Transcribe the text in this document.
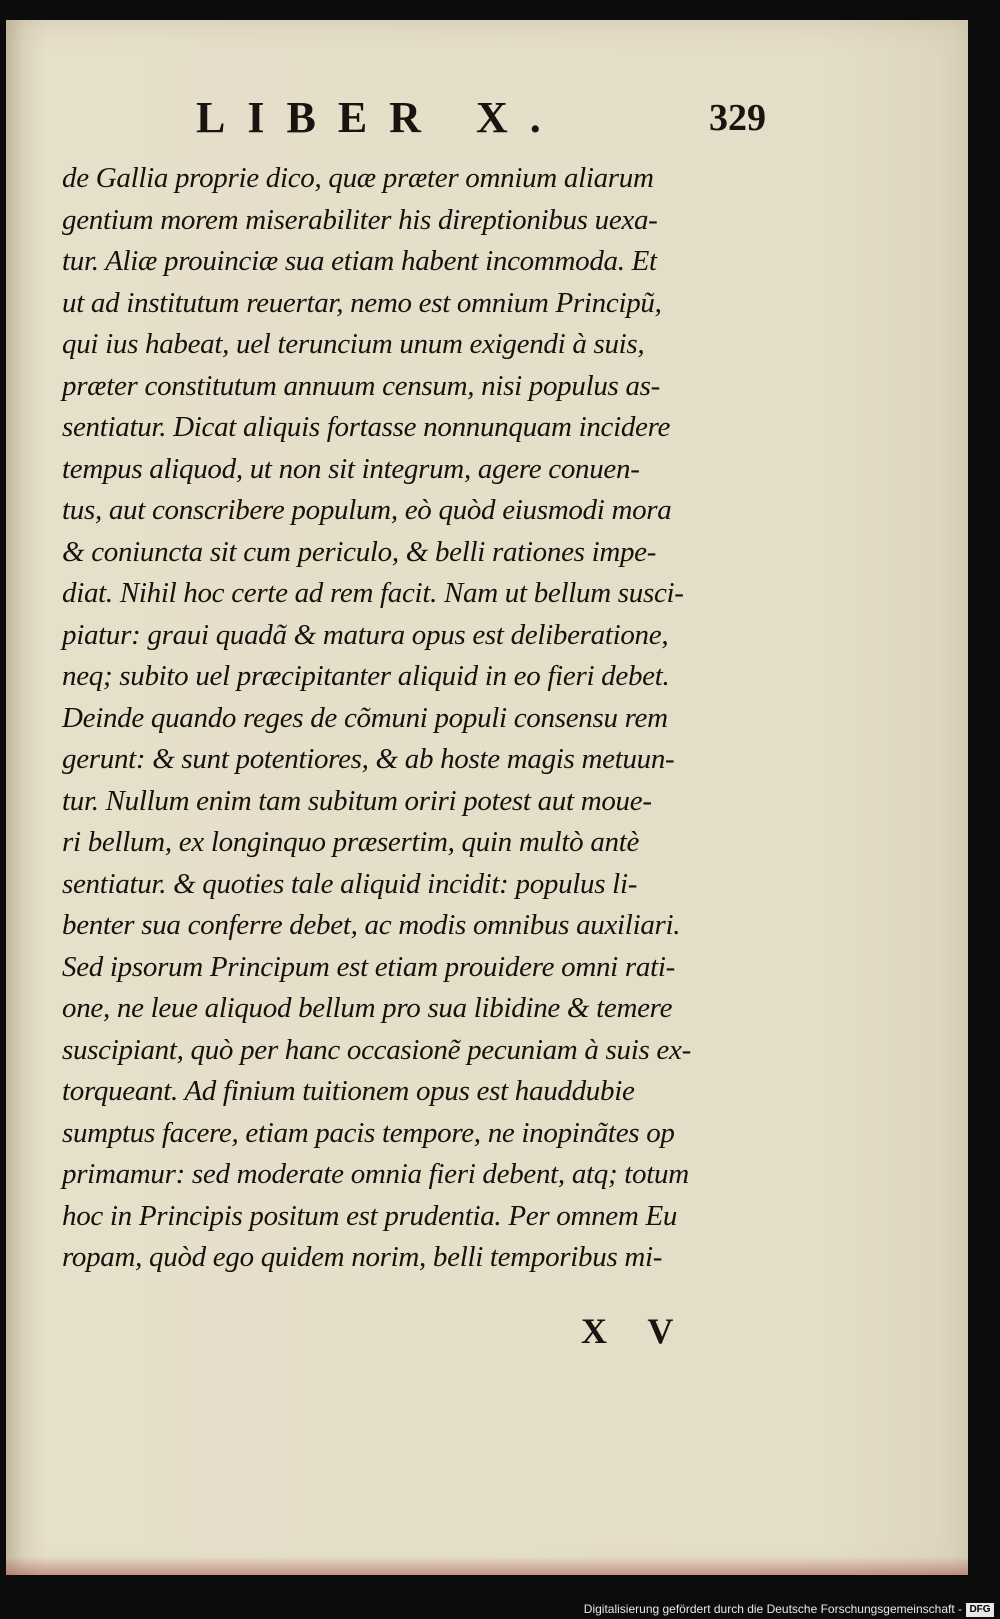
LIBER X.	329
de Gallia proprie dico, quæ præter omnium aliarum
gentium morem miserabiliter his direptionibus uexa-
tur. Aliæ prouinciæ sua etiam habent incommoda. Et
ut ad institutum reuertar, nemo est omnium Principũ,
qui ius habeat, uel teruncium unum exigendi à suis,
præter constitutum annuum censum, nisi populus as-
sentiatur. Dicat aliquis fortasse nonnunquam incidere
tempus aliquod, ut non sit integrum, agere conuen-
tus, aut conscribere populum, eò quòd eiusmodi mora
& coniuncta sit cum periculo, & belli rationes impe-
diat. Nihil hoc certe ad rem facit. Nam ut bellum susci-
piatur: graui quadã & matura opus est deliberatione,
neq; subito uel præcipitanter aliquid in eo fieri debet.
Deinde quando reges de cõmuni populi consensu rem
gerunt: & sunt potentiores, & ab hoste magis metuun-
tur. Nullum enim tam subitum oriri potest aut moue-
ri bellum, ex longinquo præsertim, quin multò antè
sentiatur. & quoties tale aliquid incidit: populus li-
benter sua conferre debet, ac modis omnibus auxiliari.
Sed ipsorum Principum est etiam prouidere omni rati-
one, ne leue aliquod bellum pro sua libidine & temere
suscipiant, quò per hanc occasionẽ pecuniam à suis ex-
torqueant. Ad finium tuitionem opus est hauddubie
sumptus facere, etiam pacis tempore, ne inopinãtes op
primamur: sed moderate omnia fieri debent, atq; totum
hoc in Principis positum est prudentia. Per omnem Eu
ropam, quòd ego quidem norim, belli temporibus mi-
X V
Digitalisierung gefördert durch die Deutsche Forschungsgemeinschaft - DFG
